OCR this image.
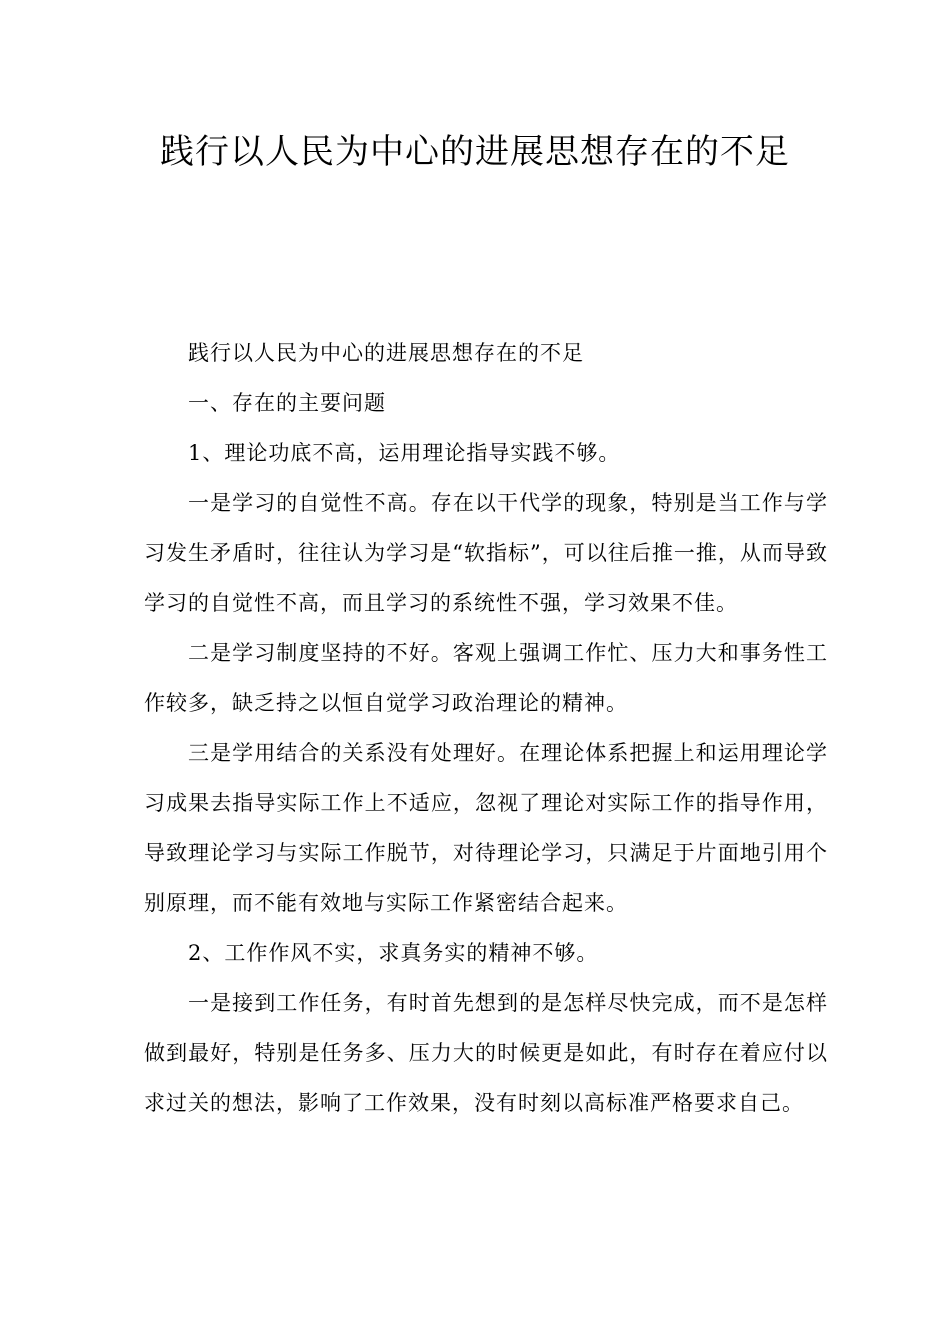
践行以人民为中心的进展思想存在的不足

践行以人民为中心的进展思想存在的不足

一、存在的主要问题

1、理论功底不高，运用理论指导实践不够。

一是学习的自觉性不高。存在以干代学的现象，特别是当工作与学习发生矛盾时，往往认为学习是“软指标”，可以往后推一推，从而导致学习的自觉性不高，而且学习的系统性不强，学习效果不佳。

二是学习制度坚持的不好。客观上强调工作忙、压力大和事务性工作较多，缺乏持之以恒自觉学习政治理论的精神。

三是学用结合的关系没有处理好。在理论体系把握上和运用理论学习成果去指导实际工作上不适应，忽视了理论对实际工作的指导作用，导致理论学习与实际工作脱节，对待理论学习，只满足于片面地引用个别原理，而不能有效地与实际工作紧密结合起来。

2、工作作风不实，求真务实的精神不够。

一是接到工作任务，有时首先想到的是怎样尽快完成，而不是怎样做到最好，特别是任务多、压力大的时候更是如此，有时存在着应付以求过关的想法，影响了工作效果，没有时刻以高标准严格要求自己。
